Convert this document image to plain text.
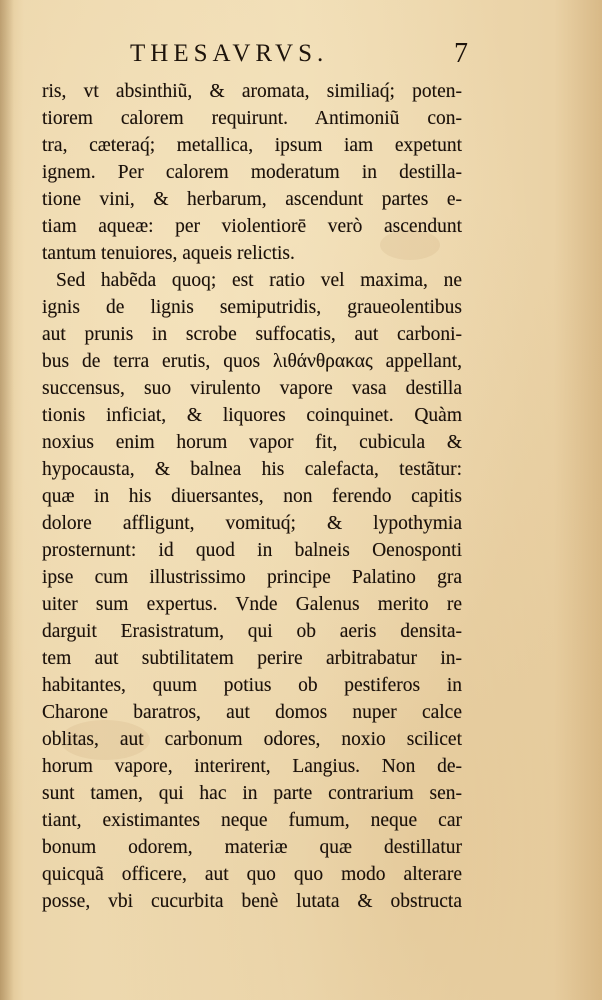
THESAVRVS.	7
ris, vt absinthiũ, & aromata, similiaq́; poten-
tiorem calorem requirunt. Antimoniũ con-
tra, cæteraq́; metallica, ipsum iam expetunt
ignem. Per calorem moderatum in destilla-
tione vini, & herbarum, ascendunt partes e-
tiam aqueæ: per violentiorē verò ascendunt
tantum tenuiores, aqueis relictis.
Sed habẽda quoq; est ratio vel maxima, ne
ignis de lignis semiputridis, graueolentibus
aut prunis in scrobe suffocatis, aut carboni-
bus de terra erutis, quos λιθάνθρακας appellant,
succensus, suo virulento vapore vasa destilla
tionis inficiat, & liquores coinquinet. Quàm
noxius enim horum vapor fit, cubicula &
hypocausta, & balnea his calefacta, testãtur:
quæ in his diuersantes, non ferendo capitis
dolore affligunt, vomituq́; & lypothymia
prosternunt: id quod in balneis Oenosponti
ipse cum illustrissimo principe Palatino gra
uiter sum expertus. Vnde Galenus merito re
darguit Erasistratum, qui ob aeris densita-
tem aut subtilitatem perire arbitrabatur in-
habitantes, quum potius ob pestiferos in
Charone baratros, aut domos nuper calce
oblitas, aut carbonum odores, noxio scilicet
horum vapore, interirent, Langius. Non de-
sunt tamen, qui hac in parte contrarium sen-
tiant, existimantes neque fumum, neque car
bonum odorem, materiæ quæ destillatur
quicquã officere, aut quo quo modo alterare
posse, vbi cucurbita benè lutata & obstructa
